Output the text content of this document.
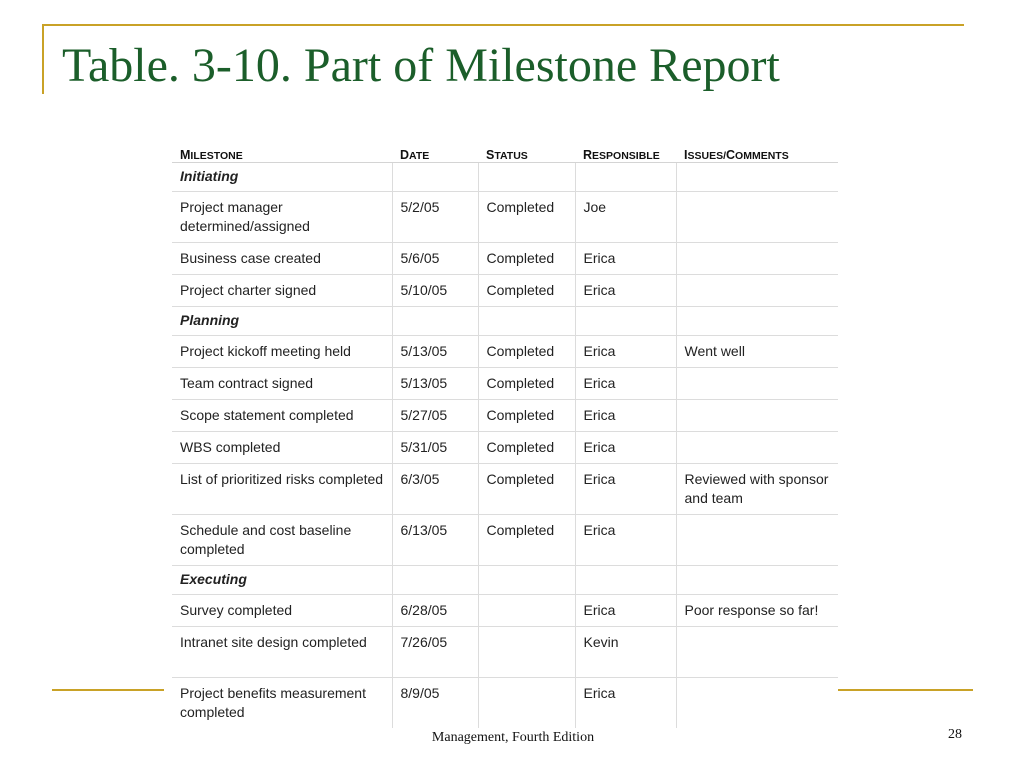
Table. 3-10. Part of Milestone Report
Management, Fourth Edition	28
MILESTONE	DATE	STATUS	RESPONSIBLE	ISSUES/COMMENTS
Initiating				
Project manager determined/assigned	5/2/05	Completed	Joe	
Business case created	5/6/05	Completed	Erica	
Project charter signed	5/10/05	Completed	Erica	
Planning				
Project kickoff meeting held	5/13/05	Completed	Erica	Went well
Team contract signed	5/13/05	Completed	Erica	
Scope statement completed	5/27/05	Completed	Erica	
WBS completed	5/31/05	Completed	Erica	
List of prioritized risks completed	6/3/05	Completed	Erica	Reviewed with sponsor and team
Schedule and cost baseline completed	6/13/05	Completed	Erica	
Executing				
Survey completed	6/28/05		Erica	Poor response so far!
Intranet site design completed	7/26/05		Kevin	
Project benefits measurement completed	8/9/05		Erica	
